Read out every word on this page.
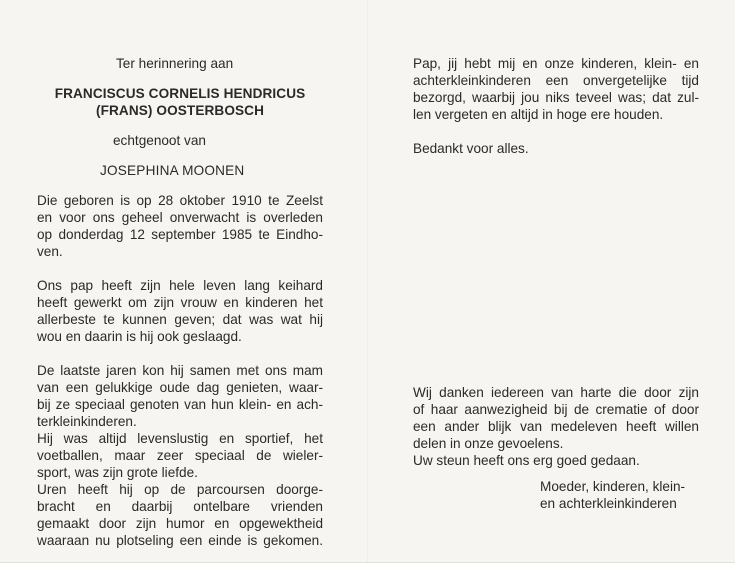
Ter herinnering aan
FRANCISCUS CORNELIS HENDRICUS
(FRANS) OOSTERBOSCH
echtgenoot van
JOSEPHINA MOONEN
Die geboren is op 28 oktober 1910 te Zeelst
en voor ons geheel onverwacht is overleden
op donderdag 12 september 1985 te Eindho-
ven.
Ons pap heeft zijn hele leven lang keihard
heeft gewerkt om zijn vrouw en kinderen het
allerbeste te kunnen geven; dat was wat hij
wou en daarin is hij ook geslaagd.
De laatste jaren kon hij samen met ons mam
van een gelukkige oude dag genieten, waar-
bij ze speciaal genoten van hun klein- en ach-
terkleinkinderen.
Hij was altijd levenslustig en sportief, het
voetballen, maar zeer speciaal de wieler-
sport, was zijn grote liefde.
Uren heeft hij op de parcoursen doorge-
bracht en daarbij ontelbare vrienden
gemaakt door zijn humor en opgewektheid
waaraan nu plotseling een einde is gekomen.
Pap, jij hebt mij en onze kinderen, klein- en
achterkleinkinderen een onvergetelijke tijd
bezorgd, waarbij jou niks teveel was; dat zul-
len vergeten en altijd in hoge ere houden.
Bedankt voor alles.
Wij danken iedereen van harte die door zijn
of haar aanwezigheid bij de crematie of door
een ander blijk van medeleven heeft willen
delen in onze gevoelens.
Uw steun heeft ons erg goed gedaan.
Moeder, kinderen, klein-
en achterkleinkinderen
